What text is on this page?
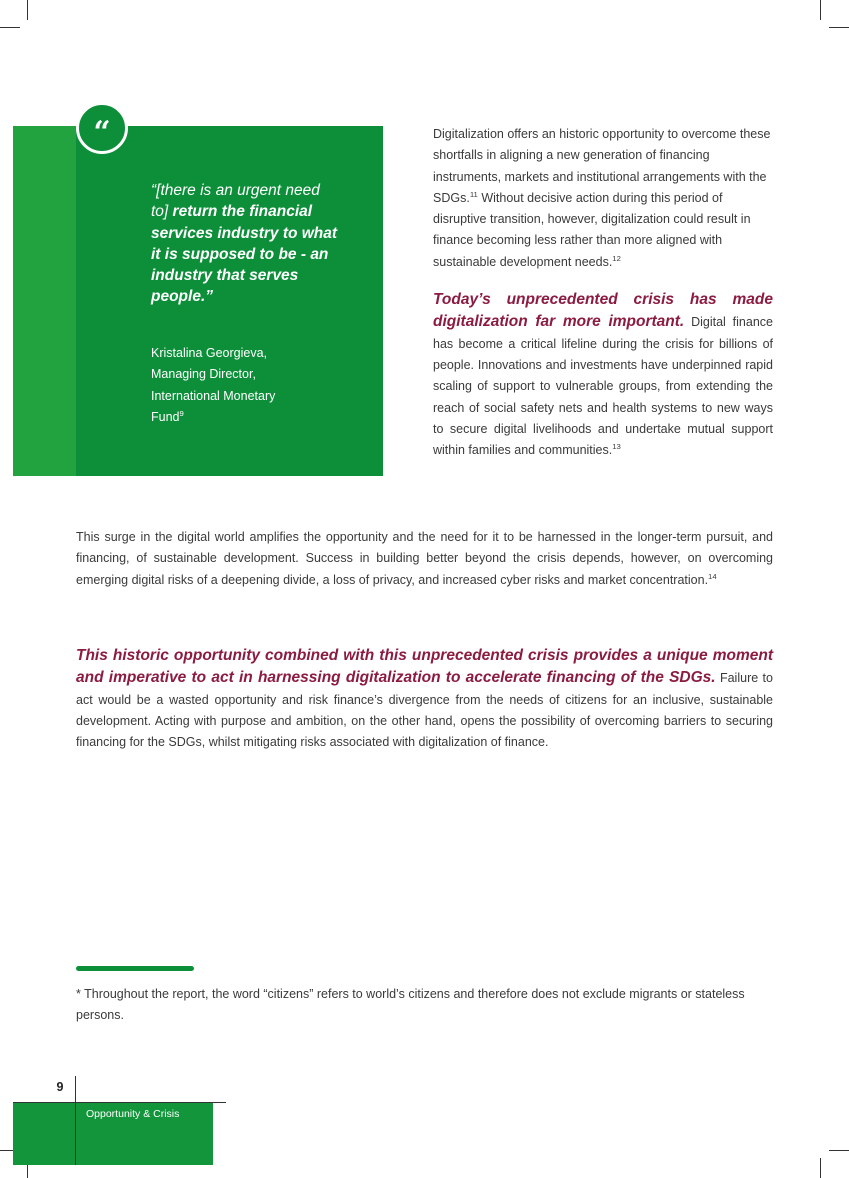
“
“[there is an urgent need to] return the financial services industry to what it is supposed to be - an industry that serves people.”
Kristalina Georgieva,
Managing Director,
International Monetary
Fund$^9$

Digitalization offers an historic opportunity to overcome these shortfalls in aligning a new generation of financing instruments, markets and institutional arrangements with the SDGs.$^{11}$ Without decisive action during this period of disruptive transition, however, digitalization could result in finance becoming less rather than more aligned with sustainable development needs.$^{12}$

Today’s unprecedented crisis has made digitalization far more important. Digital finance has become a critical lifeline during the crisis for billions of people. Innovations and investments have underpinned rapid scaling of support to vulnerable groups, from extending the reach of social safety nets and health systems to new ways to secure digital livelihoods and undertake mutual support within families and communities.$^{13}$

This surge in the digital world amplifies the opportunity and the need for it to be harnessed in the longer-term pursuit, and financing, of sustainable development. Success in building better beyond the crisis depends, however, on overcoming emerging digital risks of a deepening divide, a loss of privacy, and increased cyber risks and market concentration.$^{14}$

This historic opportunity combined with this unprecedented crisis provides a unique moment and imperative to act in harnessing digitalization to accelerate financing of the SDGs. Failure to act would be a wasted opportunity and risk finance’s divergence from the needs of citizens for an inclusive, sustainable development. Acting with purpose and ambition, on the other hand, opens the possibility of overcoming barriers to securing financing for the SDGs, whilst mitigating risks associated with digitalization of finance.

* Throughout the report, the word “citizens” refers to world’s citizens and therefore does not exclude migrants or stateless persons.
9
Opportunity & Crisis
